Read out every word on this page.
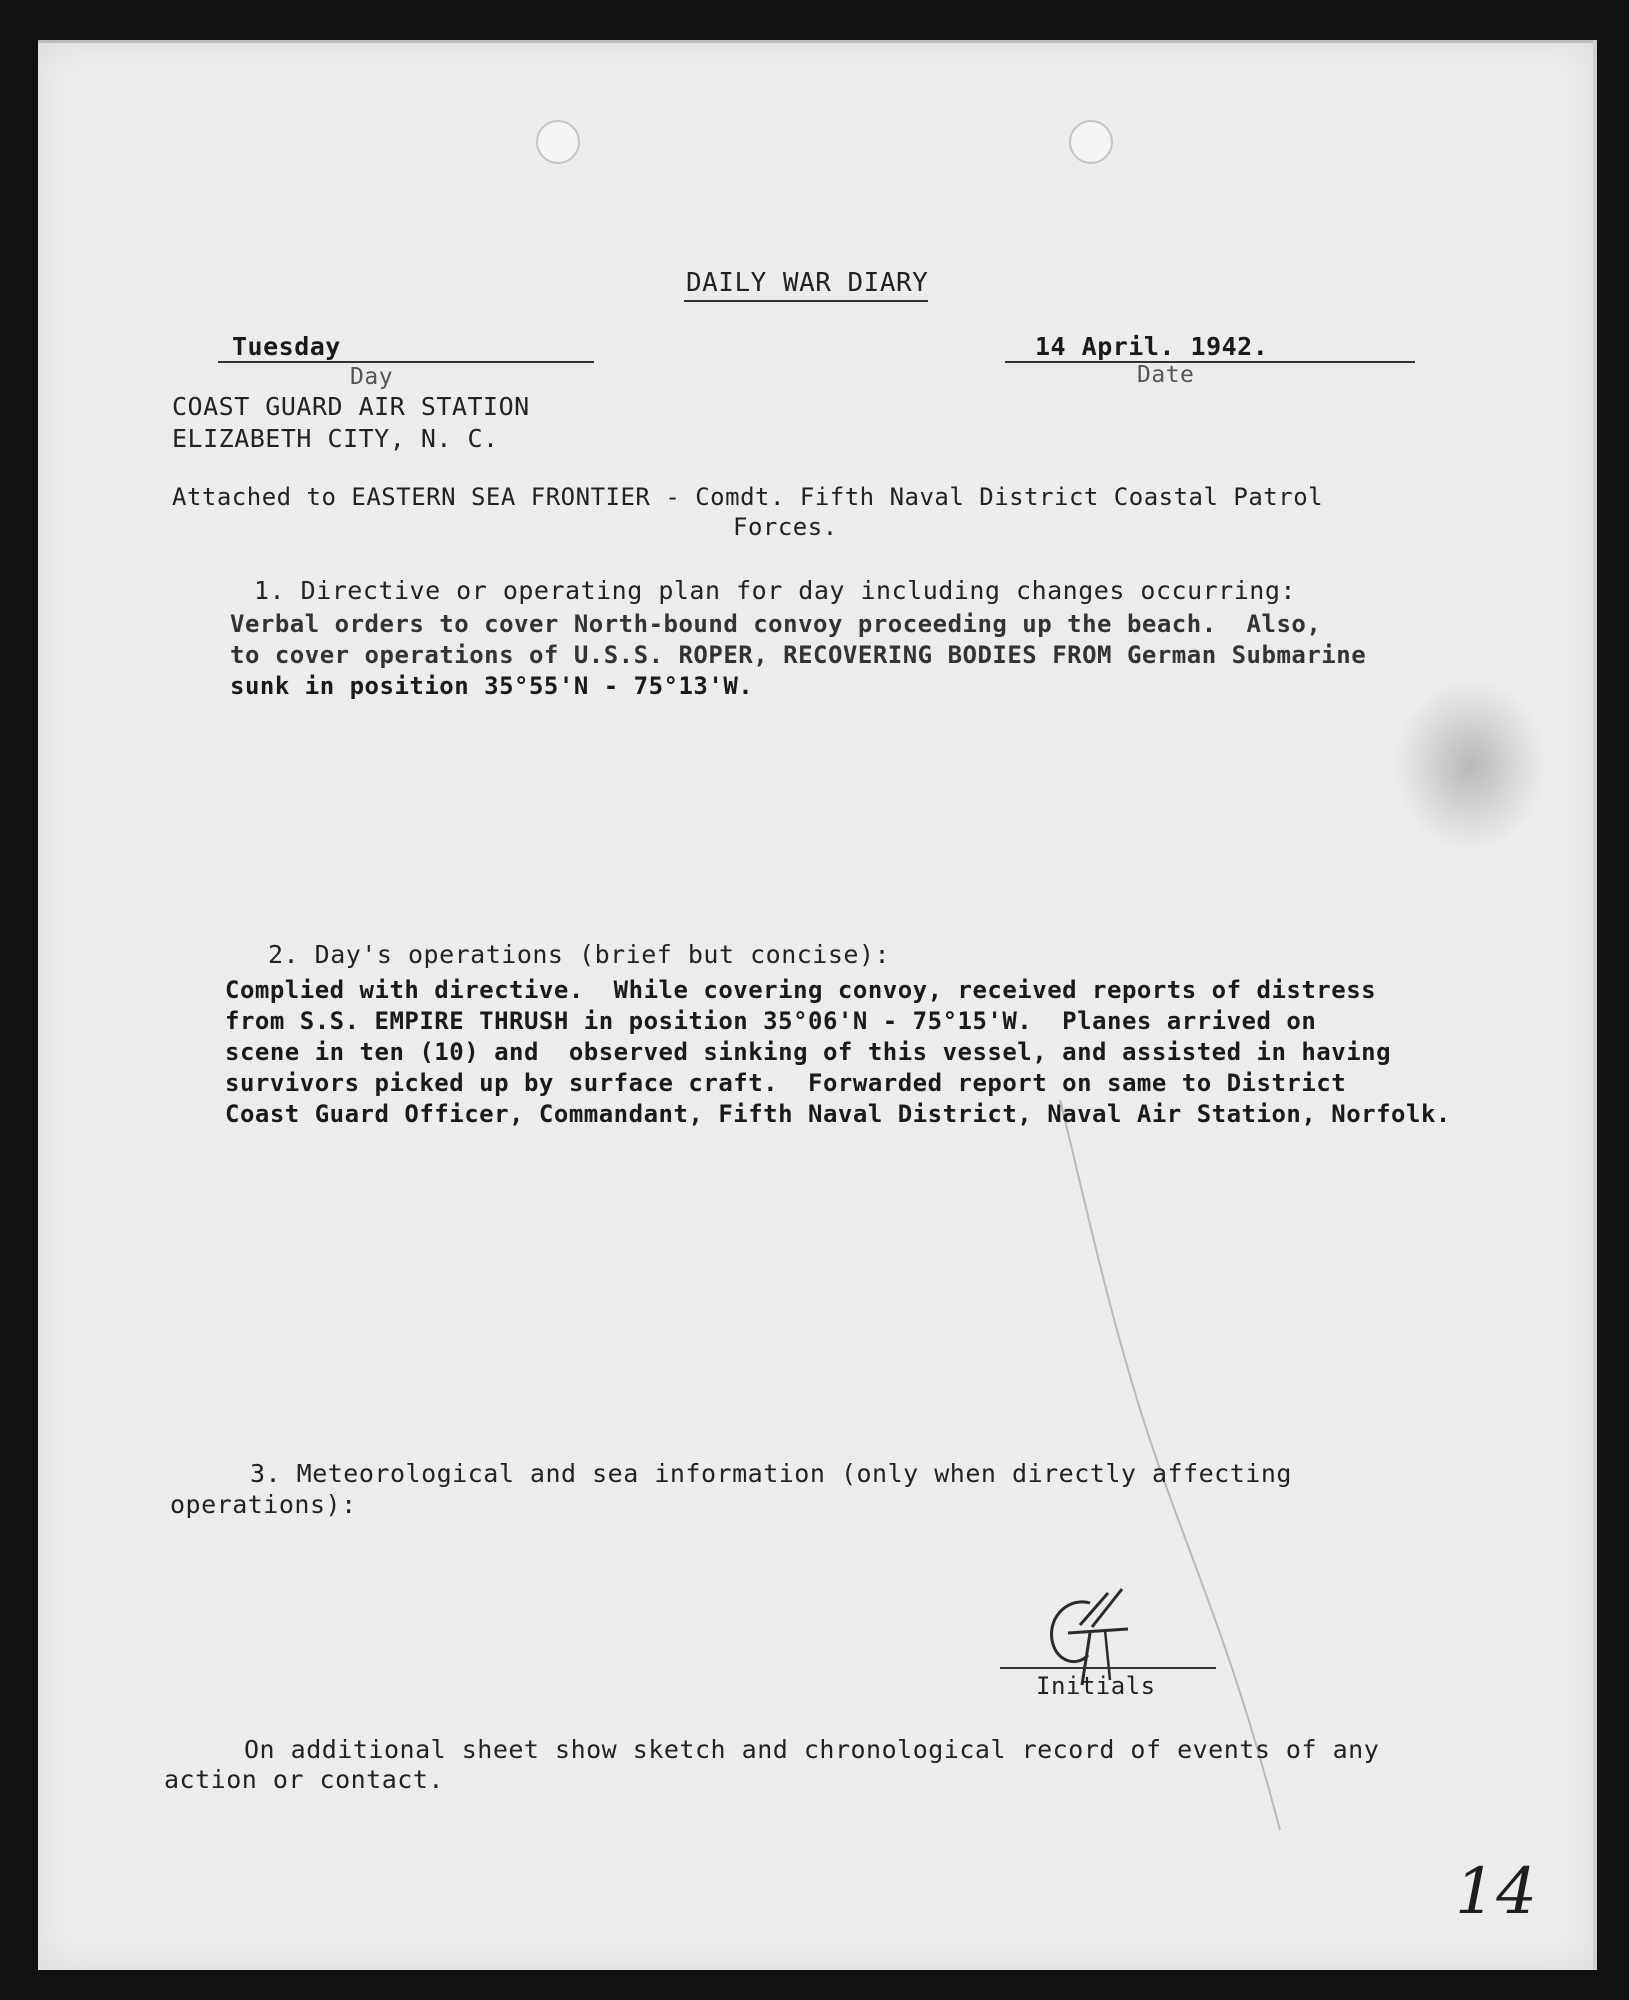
DAILY WAR DIARY
Tuesday
Day
14 April. 1942.
Date
COAST GUARD AIR STATION
ELIZABETH CITY, N. C.
Attached to EASTERN SEA FRONTIER - Comdt. Fifth Naval District Coastal Patrol
Forces.
1. Directive or operating plan for day including changes occurring:
Verbal orders to cover North-bound convoy proceeding up the beach.  Also,
to cover operations of U.S.S. ROPER, RECOVERING BODIES FROM German Submarine
sunk in position 35°55'N - 75°13'W.
2. Day's operations (brief but concise):
Complied with directive.  While covering convoy, received reports of distress
from S.S. EMPIRE THRUSH in position 35°06'N - 75°15'W.  Planes arrived on
scene in ten (10) and  observed sinking of this vessel, and assisted in having
survivors picked up by surface craft.  Forwarded report on same to District
Coast Guard Officer, Commandant, Fifth Naval District, Naval Air Station, Norfolk.
3. Meteorological and sea information (only when directly affecting
operations):
Initials
On additional sheet show sketch and chronological record of events of any
action or contact.
14
